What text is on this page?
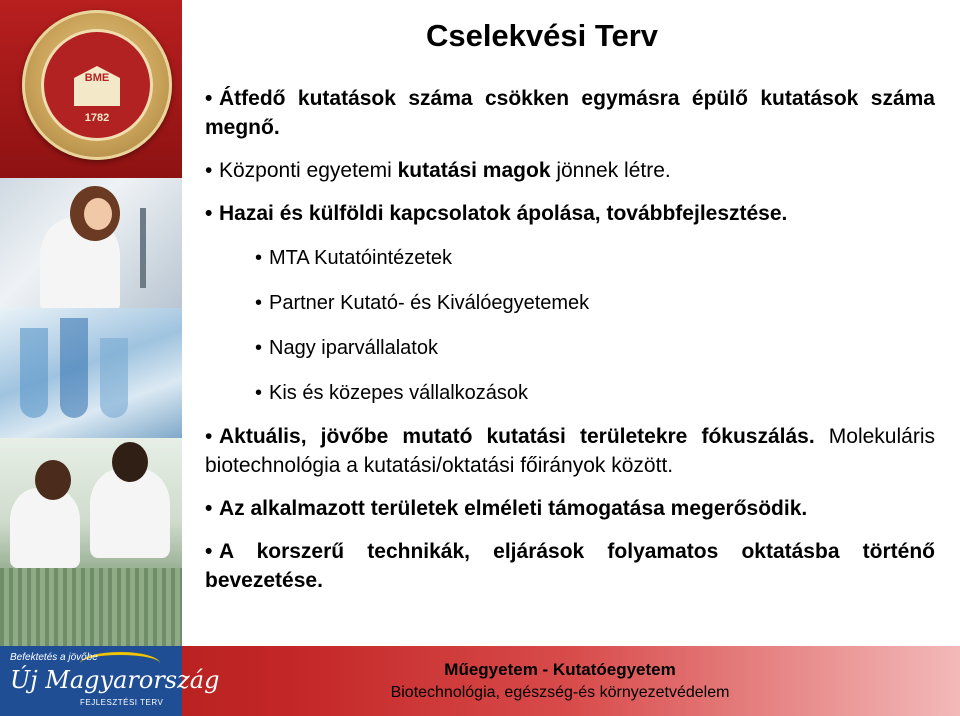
BME
1782
Cselekvési Terv

• Átfedő kutatások száma csökken egymásra épülő kutatások száma megnő.

• Központi egyetemi kutatási magok jönnek létre.

• Hazai és külföldi kapcsolatok ápolása, továbbfejlesztése.

• MTA Kutatóintézetek

• Partner Kutató- és Kiválóegyetemek

• Nagy iparvállalatok

• Kis és közepes vállalkozások

• Aktuális, jövőbe mutató kutatási területekre fókuszálás. Molekuláris biotechnológia a kutatási/oktatási főirányok között.

• Az alkalmazott területek elméleti támogatása megerősödik.

• A korszerű technikák, eljárások folyamatos oktatásba történő bevezetése.

Befektetés a jövőbe
Új Magyarország
FEJLESZTÉSI TERV
Műegyetem - Kutatóegyetem
Biotechnológia, egészség-és környezetvédelem
